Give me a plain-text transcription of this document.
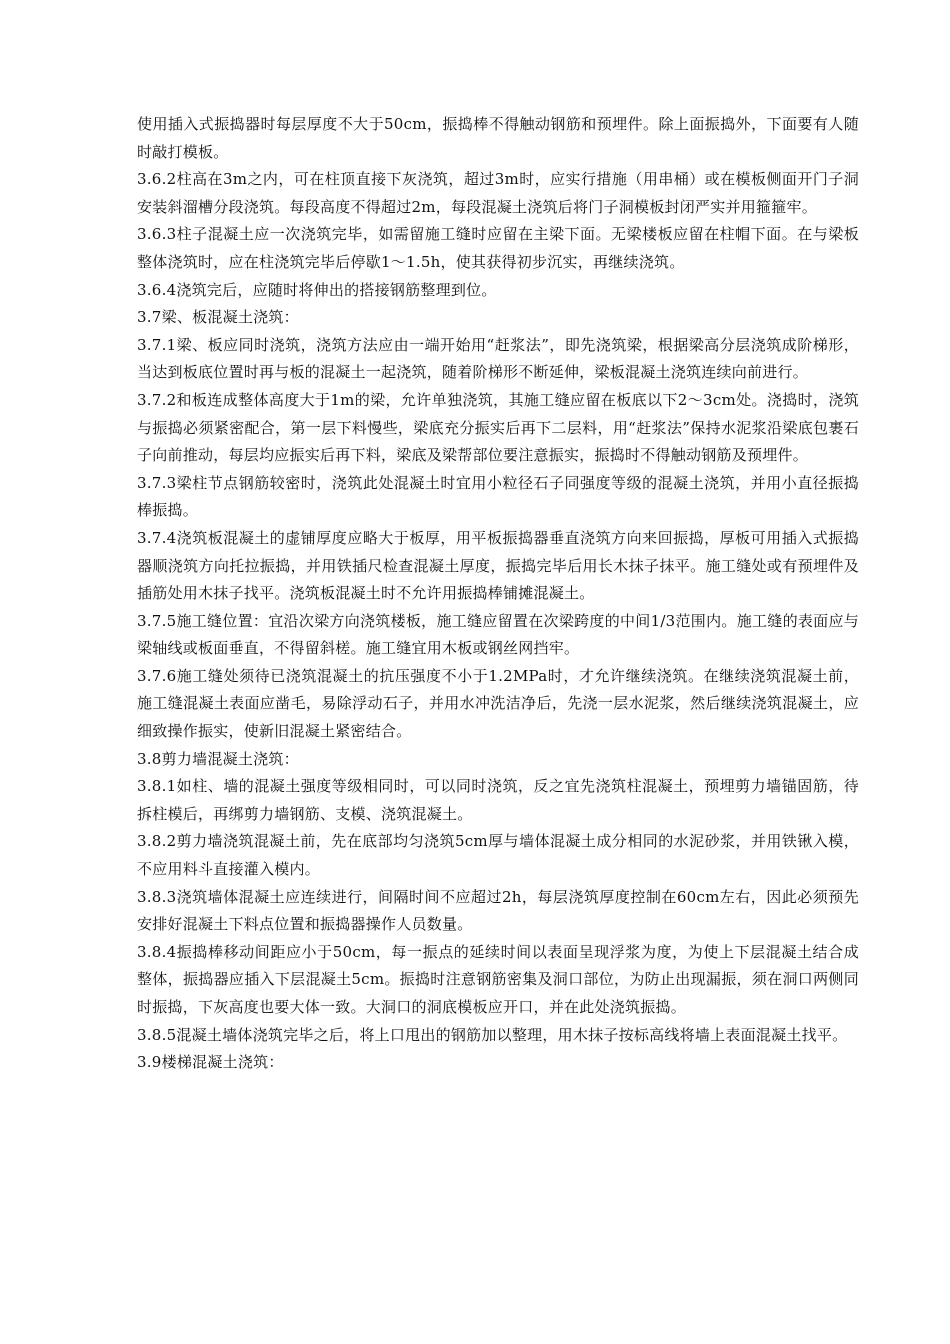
使用插入式振捣器时每层厚度不大于50cm，振捣棒不得触动钢筋和预埋件。除上面振捣外，下面要有人随时敲打模板。

3.6.2柱高在3m之内，可在柱顶直接下灰浇筑，超过3m时，应实行措施（用串桶）或在模板侧面开门子洞安装斜溜槽分段浇筑。每段高度不得超过2m，每段混凝土浇筑后将门子洞模板封闭严实并用箍箍牢。

3.6.3柱子混凝土应一次浇筑完毕，如需留施工缝时应留在主梁下面。无梁楼板应留在柱帽下面。在与梁板整体浇筑时，应在柱浇筑完毕后停歇1～1.5h，使其获得初步沉实，再继续浇筑。

3.6.4浇筑完后，应随时将伸出的搭接钢筋整理到位。

3.7梁、板混凝土浇筑：

3.7.1梁、板应同时浇筑，浇筑方法应由一端开始用“赶浆法”，即先浇筑梁，根据梁高分层浇筑成阶梯形，当达到板底位置时再与板的混凝土一起浇筑，随着阶梯形不断延伸，梁板混凝土浇筑连续向前进行。

3.7.2和板连成整体高度大于1m的梁，允许单独浇筑，其施工缝应留在板底以下2～3cm处。浇捣时，浇筑与振捣必须紧密配合，第一层下料慢些，梁底充分振实后再下二层料，用“赶浆法”保持水泥浆沿梁底包裹石子向前推动，每层均应振实后再下料，梁底及梁帮部位要注意振实，振捣时不得触动钢筋及预埋件。

3.7.3梁柱节点钢筋较密时，浇筑此处混凝土时宜用小粒径石子同强度等级的混凝土浇筑，并用小直径振捣棒振捣。

3.7.4浇筑板混凝土的虚铺厚度应略大于板厚，用平板振捣器垂直浇筑方向来回振捣，厚板可用插入式振捣器顺浇筑方向托拉振捣，并用铁插尺检查混凝土厚度，振捣完毕后用长木抹子抹平。施工缝处或有预埋件及插筋处用木抹子找平。浇筑板混凝土时不允许用振捣棒铺摊混凝土。

3.7.5施工缝位置：宜沿次梁方向浇筑楼板，施工缝应留置在次梁跨度的中间1/3范围内。施工缝的表面应与梁轴线或板面垂直，不得留斜槎。施工缝宜用木板或钢丝网挡牢。

3.7.6施工缝处须待已浇筑混凝土的抗压强度不小于1.2MPa时，才允许继续浇筑。在继续浇筑混凝土前，施工缝混凝土表面应凿毛，易除浮动石子，并用水冲洗洁净后，先浇一层水泥浆，然后继续浇筑混凝土，应细致操作振实，使新旧混凝土紧密结合。

3.8剪力墙混凝土浇筑：

3.8.1如柱、墙的混凝土强度等级相同时，可以同时浇筑，反之宜先浇筑柱混凝土，预埋剪力墙锚固筋，待拆柱模后，再绑剪力墙钢筋、支模、浇筑混凝土。

3.8.2剪力墙浇筑混凝土前，先在底部均匀浇筑5cm厚与墙体混凝土成分相同的水泥砂浆，并用铁锹入模，不应用料斗直接灌入模内。

3.8.3浇筑墙体混凝土应连续进行，间隔时间不应超过2h，每层浇筑厚度控制在60cm左右，因此必须预先安排好混凝土下料点位置和振捣器操作人员数量。

3.8.4振捣棒移动间距应小于50cm，每一振点的延续时间以表面呈现浮浆为度，为使上下层混凝土结合成整体，振捣器应插入下层混凝土5cm。振捣时注意钢筋密集及洞口部位，为防止出现漏振，须在洞口两侧同时振捣，下灰高度也要大体一致。大洞口的洞底模板应开口，并在此处浇筑振捣。

3.8.5混凝土墙体浇筑完毕之后，将上口甩出的钢筋加以整理，用木抹子按标高线将墙上表面混凝土找平。

3.9楼梯混凝土浇筑：
